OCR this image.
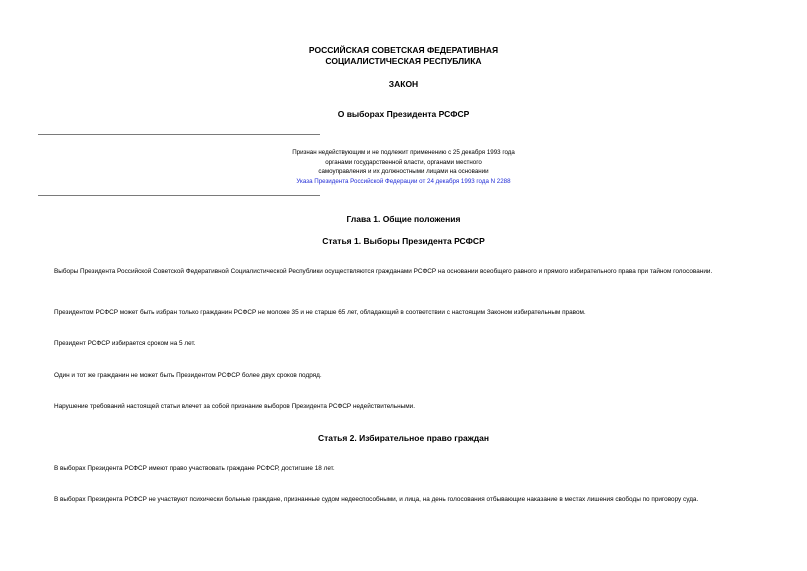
РОССИЙСКАЯ СОВЕТСКАЯ ФЕДЕРАТИВНАЯ
СОЦИАЛИСТИЧЕСКАЯ РЕСПУБЛИКА
ЗАКОН
О выборах Президента РСФСР
Признан недействующим и не подлежит применению с 25 декабря 1993 года
органами государственной власти, органами местного
самоуправления и их должностными лицами на основании
Указа Президента Российской Федерации от 24 декабря 1993 года N 2288
Глава 1. Общие положения
Статья 1. Выборы Президента РСФСР
Выборы Президента Российской Советской Федеративной Социалистической Республики осуществляются гражданами РСФСР на основании всеобщего равного и прямого избирательного права при тайном голосовании.
Президентом РСФСР может быть избран только гражданин РСФСР не моложе 35 и не старше 65 лет, обладающий в соответствии с настоящим Законом избирательным правом.
Президент РСФСР избирается сроком на 5 лет.
Один и тот же гражданин не может быть Президентом РСФСР более двух сроков подряд.
Нарушение требований настоящей статьи влечет за собой признание выборов Президента РСФСР недействительными.
Статья 2. Избирательное право граждан
В выборах Президента РСФСР имеют право участвовать граждане РСФСР, достигшие 18 лет.
В выборах Президента РСФСР не участвуют психически больные граждане, признанные судом недееспособными, и лица, на день голосования отбывающие наказание в местах лишения свободы по приговору суда.
